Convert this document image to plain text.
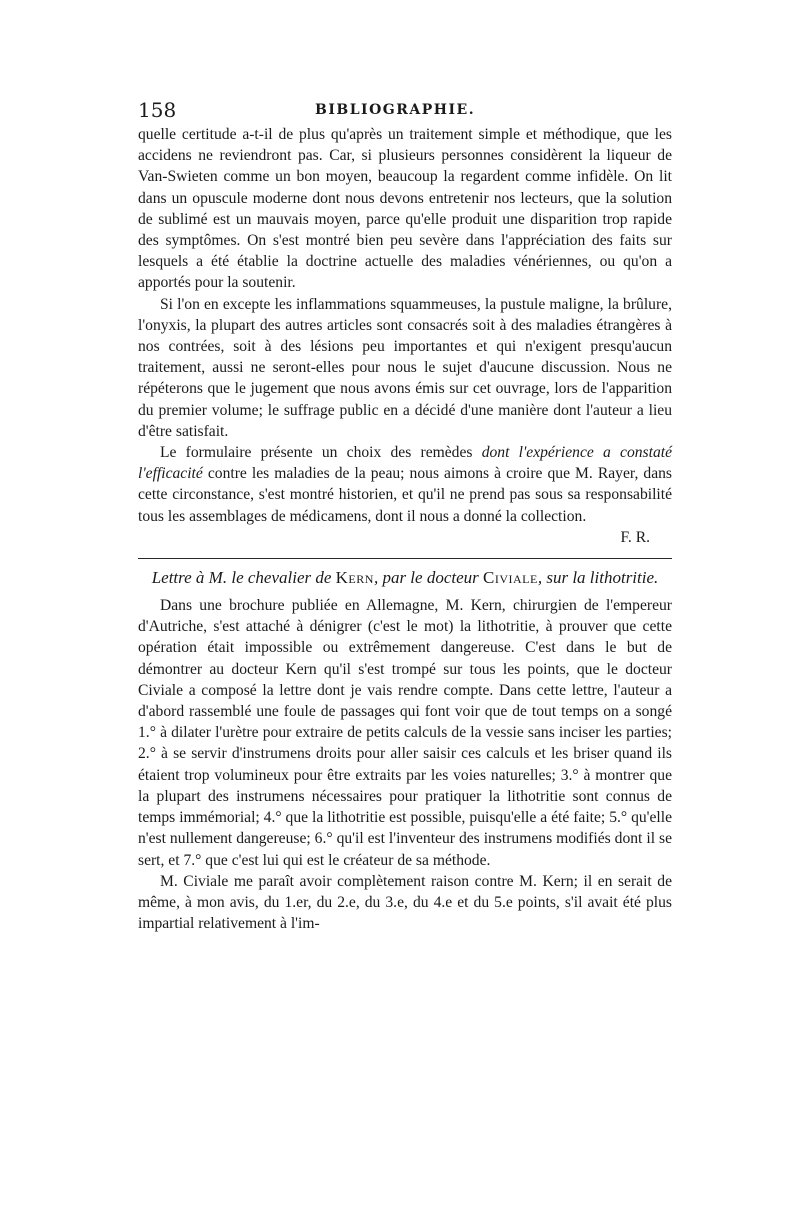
158	BIBLIOGRAPHIE.

quelle certitude a-t-il de plus qu'après un traitement simple et méthodique, que les accidens ne reviendront pas. Car, si plusieurs personnes considèrent la liqueur de Van-Swieten comme un bon moyen, beaucoup la regardent comme infidèle. On lit dans un opuscule moderne dont nous devons entretenir nos lecteurs, que la solution de sublimé est un mauvais moyen, parce qu'elle produit une disparition trop rapide des symptômes. On s'est montré bien peu sevère dans l'appréciation des faits sur lesquels a été établie la doctrine actuelle des maladies vénériennes, ou qu'on a apportés pour la soutenir.

Si l'on en excepte les inflammations squammeuses, la pustule maligne, la brûlure, l'onyxis, la plupart des autres articles sont consacrés soit à des maladies étrangères à nos contrées, soit à des lésions peu importantes et qui n'exigent presqu'aucun traitement, aussi ne seront-elles pour nous le sujet d'aucune discussion. Nous ne répéterons que le jugement que nous avons émis sur cet ouvrage, lors de l'apparition du premier volume; le suffrage public en a décidé d'une manière dont l'auteur a lieu d'être satisfait.

Le formulaire présente un choix des remèdes dont l'expérience a constaté l'efficacité contre les maladies de la peau; nous aimons à croire que M. Rayer, dans cette circonstance, s'est montré historien, et qu'il ne prend pas sous sa responsabilité tous les assemblages de médicamens, dont il nous a donné la collection.

F. R.

Lettre à M. le chevalier de Kern, par le docteur Civiale, sur la lithotritie.

Dans une brochure publiée en Allemagne, M. Kern, chirurgien de l'empereur d'Autriche, s'est attaché à dénigrer (c'est le mot) la lithotritie, à prouver que cette opération était impossible ou extrêmement dangereuse. C'est dans le but de démontrer au docteur Kern qu'il s'est trompé sur tous les points, que le docteur Civiale a composé la lettre dont je vais rendre compte. Dans cette lettre, l'auteur a d'abord rassemblé une foule de passages qui font voir que de tout temps on a songé 1.° à dilater l'urètre pour extraire de petits calculs de la vessie sans inciser les parties; 2.° à se servir d'instrumens droits pour aller saisir ces calculs et les briser quand ils étaient trop volumineux pour être extraits par les voies naturelles; 3.° à montrer que la plupart des instrumens nécessaires pour pratiquer la lithotritie sont connus de temps immémorial; 4.° que la lithotritie est possible, puisqu'elle a été faite; 5.° qu'elle n'est nullement dangereuse; 6.° qu'il est l'inventeur des instrumens modifiés dont il se sert, et 7.° que c'est lui qui est le créateur de sa méthode.

M. Civiale me paraît avoir complètement raison contre M. Kern; il en serait de même, à mon avis, du 1.er, du 2.e, du 3.e, du 4.e et du 5.e points, s'il avait été plus impartial relativement à l'im-
